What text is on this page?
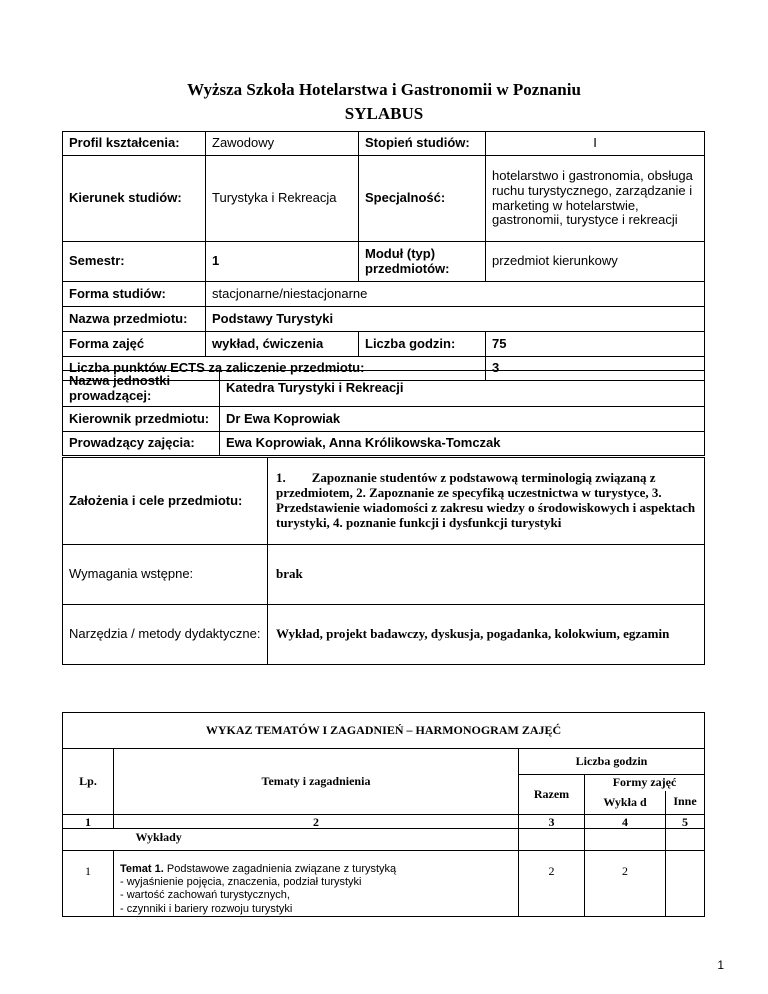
Wyższa Szkoła Hotelarstwa i Gastronomii w Poznaniu
SYLABUS
Profil kształcenia:	Zawodowy	Stopień studiów:	I
Kierunek studiów:	Turystyka i Rekreacja	Specjalność:	hotelarstwo i gastronomia, obsługa ruchu turystycznego, zarządzanie i marketing w hotelarstwie, gastronomii, turystyce i rekreacji
Semestr:	1	Moduł (typ) przedmiotów:	przedmiot kierunkowy
Forma studiów:	stacjonarne/niestacjonarne		
Nazwa przedmiotu:	Podstawy Turystyki		
Forma zajęć	wykład, ćwiczenia	Liczba godzin:	75
Liczba punktów ECTS za zaliczenie przedmiotu:			3
Nazwa jednostki prowadzącej:	Katedra Turystyki i Rekreacji
Kierownik przedmiotu:	Dr Ewa Koprowiak
Prowadzący zajęcia:	Ewa Koprowiak, Anna Królikowska-Tomczak
Założenia i cele przedmiotu:	1.        Zapoznanie studentów z podstawową terminologią związaną z przedmiotem, 2. Zapoznanie ze specyfiką uczestnictwa w turystyce, 3. Przedstawienie wiadomości z zakresu wiedzy o środowiskowych i aspektach turystyki, 4. poznanie funkcji i dysfunkcji turystyki
Wymagania wstępne:	brak
Narzędzia / metody dydaktyczne:	Wykład, projekt badawczy, dyskusja, pogadanka, kolokwium, egzamin
WYKAZ TEMATÓW I ZAGADNIEŃ – HARMONOGRAM ZAJĘĆ				
Lp.	Tematy i zagadnienia	Liczba godzin		
		Razem	Formy zajęć	
			Wykła d	Inne
1	2	3	4	5
	Wykłady			
1	Temat 1. Podstawowe zagadnienia związane z turystyką
- wyjaśnienie pojęcia, znaczenia, podział turystyki
- wartość zachowań turystycznych,
- czynniki i bariery rozwoju turystyki	2	2	
1
